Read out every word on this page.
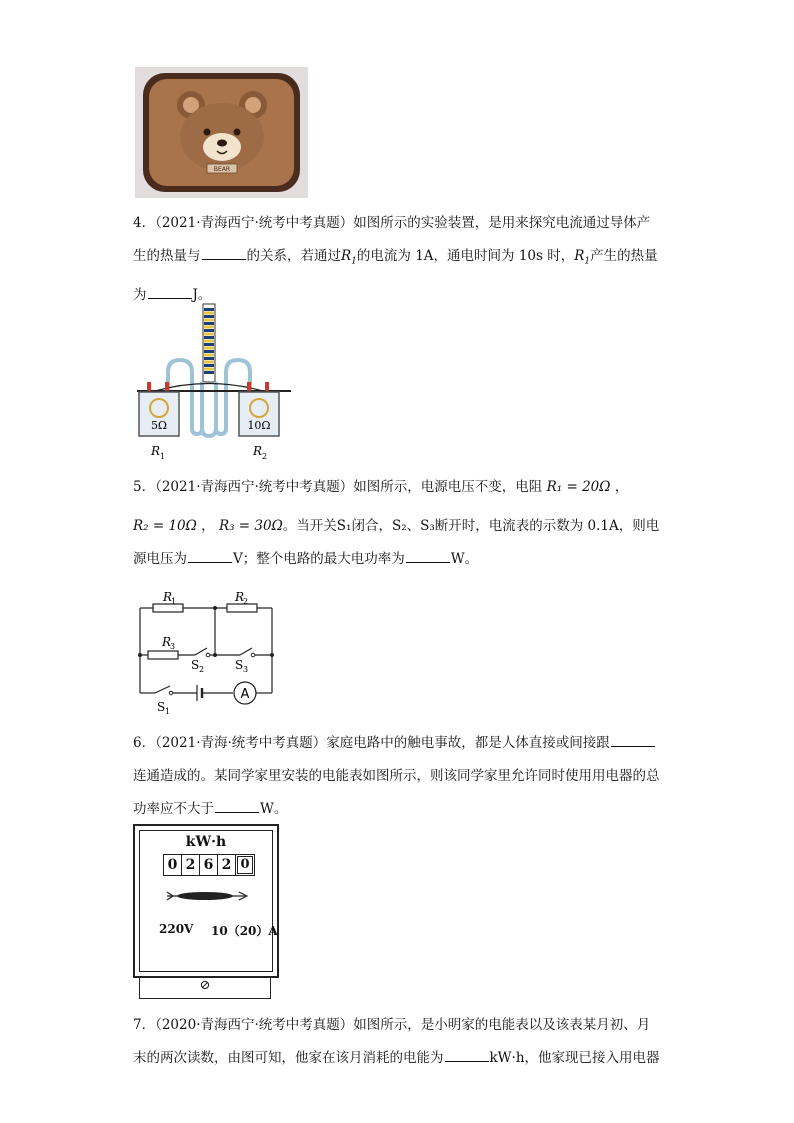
BEAR
4．（2021·青海西宁·统考中考真题）如图所示的实验装置，是用来探究电流通过导体产生的热量与	的关系，若通过$R_1$的电流为 1A，通电时间为 10s 时，$R_1$产生的热量为	J。
5Ω	10Ω
R 1	R 2
5．（2021·青海西宁·统考中考真题）如图所示，电源电压不变，电阻 R₁ = 20Ω ，
R₂ = 10Ω ， R₃ = 30Ω。当开关S₁闭合，S₂、S₃断开时，电流表的示数为 0.1A，则电源电压为	V；整个电路的最大电功率为	W。
R
1	R
2
R
3
S 2	S 3
S 1
A
6．（2021·青海·统考中考真题）家庭电路中的触电事故，都是人体直接或间接跟连通造成的。某同学家里安装的电能表如图所示，则该同学家里允许同时使用用电器的总功率应不大于	W。
kW·h
0 2 6 2 0
220V 10（20）A
⊘
7．（2020·青海西宁·统考中考真题）如图所示，是小明家的电能表以及该表某月初、月末的两次读数，由图可知，他家在该月消耗的电能为	kW·h，他家现已接入用电器
